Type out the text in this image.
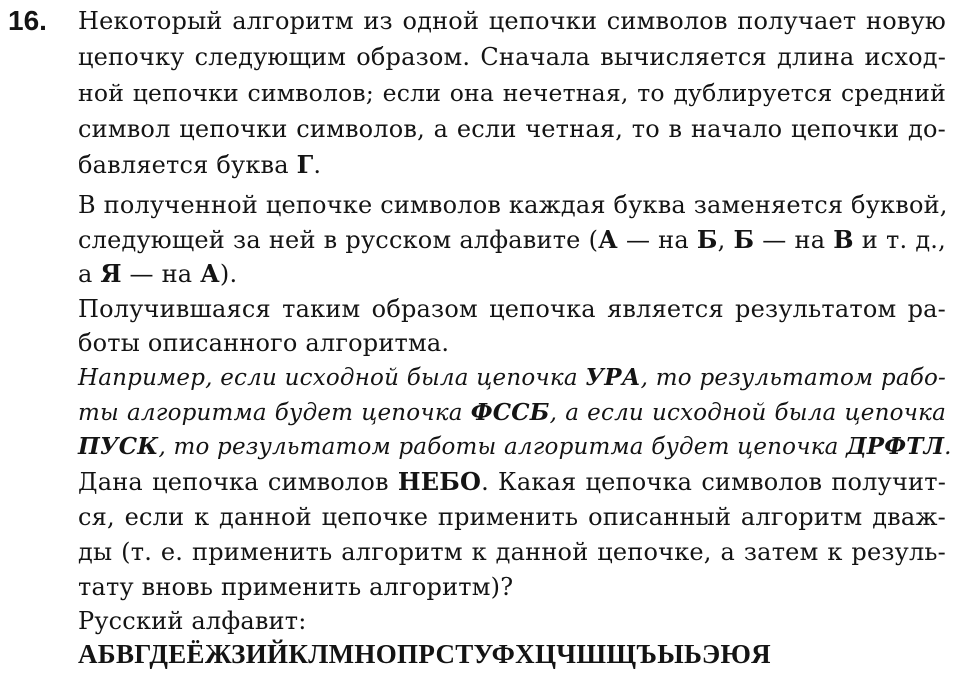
16. Некоторый алгоритм из одной цепочки символов получает новую
цепочку следующим образом. Сначала вычисляется длина исход-
ной цепочки символов; если она нечетная, то дублируется средний
символ цепочки символов, а если четная, то в начало цепочки до-
бавляется буква Г.
В полученной цепочке символов каждая буква заменяется буквой,
следующей за ней в русском алфавите (А — на Б, Б — на В и т. д.,
а Я — на А).
Получившаяся таким образом цепочка является результатом ра-
боты описанного алгоритма.
Например, если исходной была цепочка УРА, то результатом рабо-
ты алгоритма будет цепочка ФССБ, а если исходной была цепочка
ПУСК, то результатом работы алгоритма будет цепочка ДРФТЛ.
Дана цепочка символов НЕБО. Какая цепочка символов получит-
ся, если к данной цепочке применить описанный алгоритм дваж-
ды (т. е. применить алгоритм к данной цепочке, а затем к резуль-
тату вновь применить алгоритм)?
Русский алфавит:
АБВГДЕЁЖЗИЙКЛМНОПРСТУФХЦЧШЩЪЫЬЭЮЯ
